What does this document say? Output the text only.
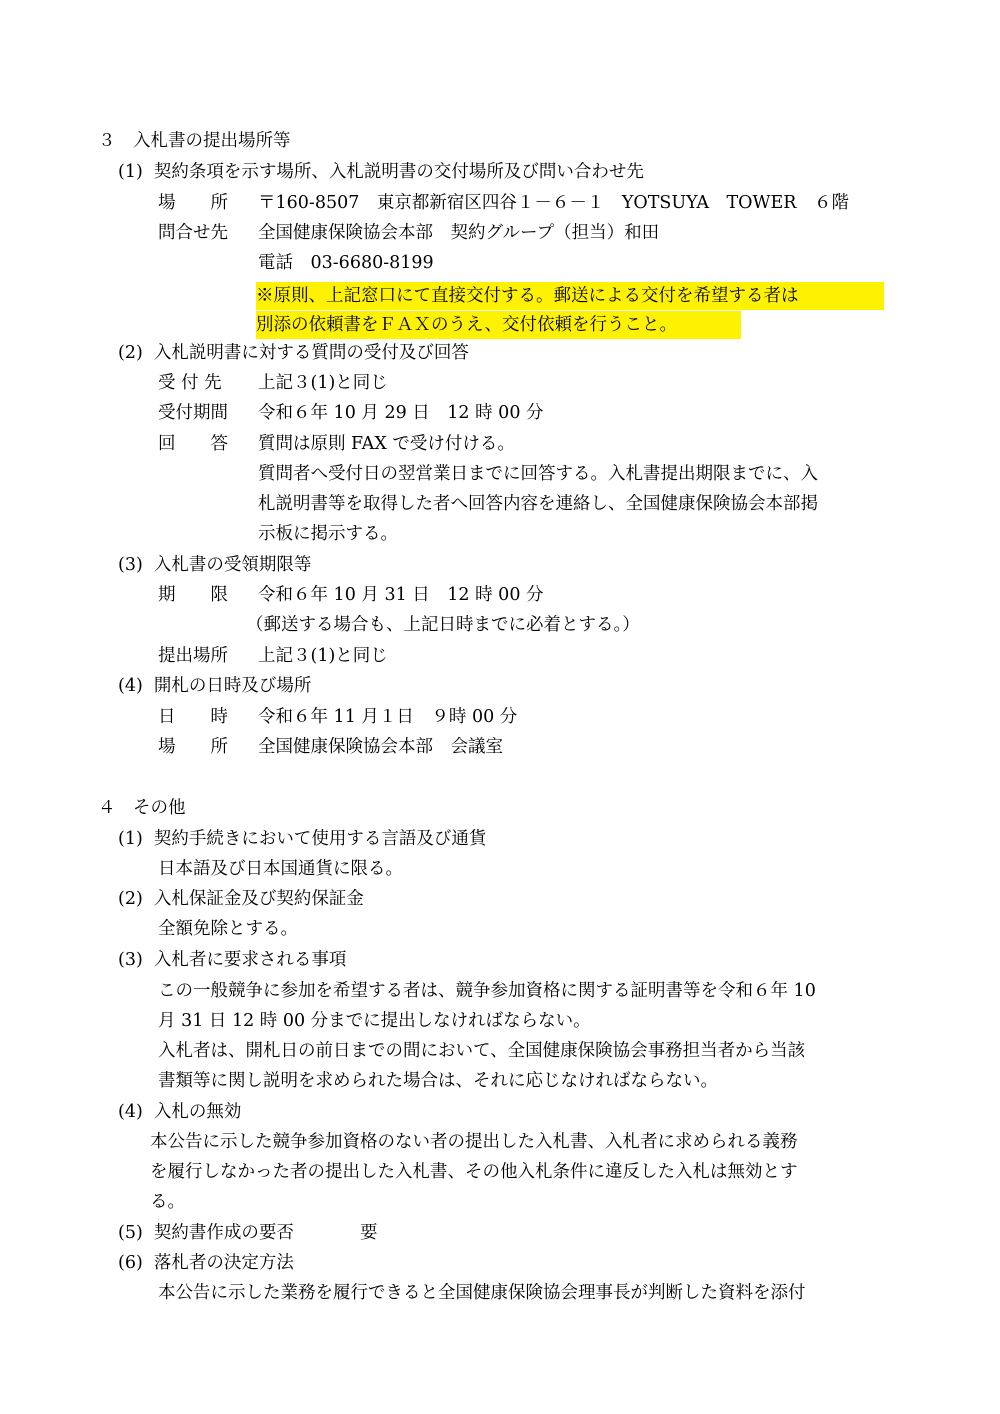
３　入札書の提出場所等
(1)  契約条項を示す場所、入札説明書の交付場所及び問い合わせ先
場　　所 〒160-8507　東京都新宿区四谷１－６－１　YOTSUYA　TOWER　６階
問合せ先 全国健康保険協会本部　契約グループ（担当）和田
電話　03-6680-8199
※原則、上記窓口にて直接交付する。郵送による交付を希望する者は
別添の依頼書をＦＡＸのうえ、交付依頼を行うこと。
(2)  入札説明書に対する質問の受付及び回答
受 付 先 上記３(1)と同じ
受付期間 令和６年 10 月 29 日　12 時 00 分
回　　答 質問は原則 FAX で受け付ける。
質問者へ受付日の翌営業日までに回答する。入札書提出期限までに、入
札説明書等を取得した者へ回答内容を連絡し、全国健康保険協会本部掲
示板に掲示する。
(3)  入札書の受領期限等
期　　限 令和６年 10 月 31 日　12 時 00 分
（郵送する場合も、上記日時までに必着とする。）
提出場所 上記３(1)と同じ
(4)  開札の日時及び場所
日　　時 令和６年 11 月１日　９時 00 分
場　　所 全国健康保険協会本部　会議室
４　その他
(1)  契約手続きにおいて使用する言語及び通貨
日本語及び日本国通貨に限る。
(2)  入札保証金及び契約保証金
全額免除とする。
(3)  入札者に要求される事項
この一般競争に参加を希望する者は、競争参加資格に関する証明書等を令和６年 10
月 31 日 12 時 00 分までに提出しなければならない。
入札者は、開札日の前日までの間において、全国健康保険協会事務担当者から当該
書類等に関し説明を求められた場合は、それに応じなければならない。
(4)  入札の無効
本公告に示した競争参加資格のない者の提出した入札書、入札者に求められる義務
を履行しなかった者の提出した入札書、その他入札条件に違反した入札は無効とす
る。
(5)  契約書作成の要否	要
(6)  落札者の決定方法
本公告に示した業務を履行できると全国健康保険協会理事長が判断した資料を添付
